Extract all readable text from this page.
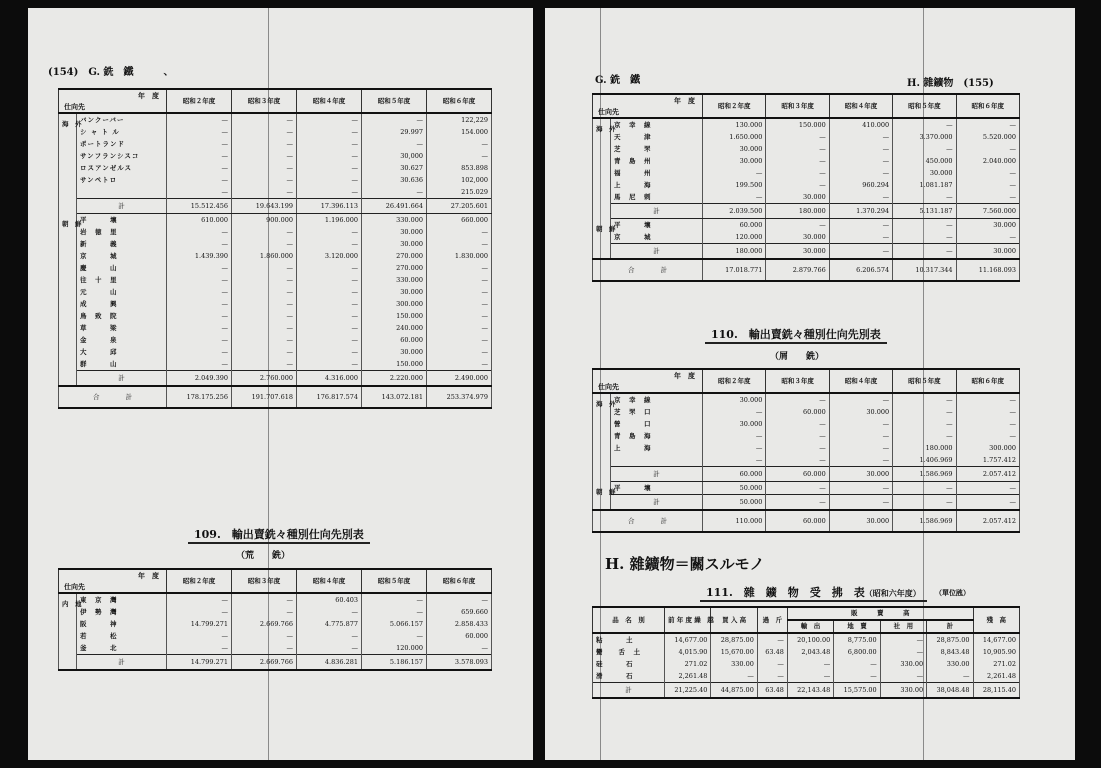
(154)　G. 銑　鐵　　　、
年　度
仕向先		昭和２年度	昭和３年度	昭和４年度	昭和５年度	昭和６年度
海　外	バンクーバー	—	—	—	—	122,229
	シ ャ ト ル	—	—	—	29.997	154.000
	ポートランド	—	—	—	—	—
	サンフランシスコ	—	—	—	30,000	—
	ロスアンゼルス	—	—	—	30.627	853.898
	サンペトロ	—	—	—	30.636	102,000
		—	—	—	—	215.029
	計	15.512.456	19.643.199	17.396.113	26.491.664	27.205.601
朝　鮮	平　　　壤	610.000	900.000	1.196.000	330.000	660.000
	岩　徳　里	—	—	—	30.000	—
	新　　　義	—	—	—	30.000	—
	京　　　城	1.439.390	1.860.000	3.120.000	270.000	1.830.000
	慶　　　山	—	—	—	270.000	—
	往　十　里	—	—	—	330.000	—
	元　　　山	—	—	—	30.000	—
	成　　　興	—	—	—	300.000	—
	鳥　致　院	—	—	—	150.000	—
	草　　　梁	—	—	—	240.000	—
	金　　　泉	—	—	—	60.000	—
	大　　　邱	—	—	—	30.000	—
	群　　　山	—	—	—	150.000	—
	計	2.049.390	2.760.000	4.316.000	2.220.000	2.490.000
合　　　　計		178.175.256	191.707.618	176.817.574	143.072.181	253.374.979
109.　輸出賣銑々種別仕向先別表
（荒　　銑）
年　度
仕向先		昭和２年度	昭和３年度	昭和４年度	昭和５年度	昭和６年度
内　地	東　京　灣	—	—	60.403	—	—
	伊　勢　灣	—	—	—	—	659.660
	阪　　　神	14.799.271	2.669.766	4.775.877	5.066.157	2.858.433
	若　　　松	—	—	—	—	60.000
	釜　　　北	—	—	—	120.000	—
	計	14.799.271	2.669.766	4.836.281	5.186.157	3.578.093
G. 銑　鐵	H. 雜鑛物　(155)
年　度
仕向先		昭和２年度	昭和３年度	昭和４年度	昭和５年度	昭和６年度
海　外	京　幸　線	130.000	150.000	410.000	—	—
	天　　　津	1.650.000	—	—	3.370.000	5.520.000
	芝　　　罘	30.000	—	—	—	—
	青　島　州	30.000	—	—	450.000	2.040.000
	福　　　州	—	—	—	30.000	—
	上　　　海	199.500	—	960.294	1.081.187	—
	馬　尼　剌	—	30.000	—	—	—
	計	2.039.500	180.000	1.370.294	5.131.187	7.560.000
朝　鮮	平　　　壤	60.000	—	—	—	30.000
	京　　　城	120.000	30.000	—	—	—
	計	180.000	30.000	—	—	30.000
合　　　　計		17.018.771	2.879.766	6.206.574	10.317.344	11.168.093
110.　輸出賣銑々種別仕向先別表
（屑　　銑）
年　度
仕向先		昭和２年度	昭和３年度	昭和４年度	昭和５年度	昭和６年度
海　外	京　幸　線	30.000	—	—	—	—
	芝　罘　口	—	60.000	30.000	—	—
	營　　　口	30.000	—	—	—	—
	青　島　海	—	—	—	—	—
	上　　　海	—	—	—	180.000	300.000
		—	—	—	1.406.969	1.757.412
	計	60.000	60.000	30.000	1.586.969	2.057.412
朝　鮮	平　　　壤	50.000	—	—	—	—
	計	50.000	—	—	—	—
合　　　　計		110.000	60.000	30.000	1.586.969	2.057.412
H. 雜鑛物＝關スルモノ
111.　雜　鑛　物　受　拂　表（昭和六年度）	（單位瓲）
品　名　別	前 年 度 繰　越	買 入 高	過　斤	販　　　賣　　　高				殘　高
				輸　出	地　賣	社　用	計	
粘　　　土	14,677.00	28,875.00	—	20,100.00	8,775.00	—	28,875.00	14,677.00
蠻　　舌　土	4,015.90	15,670.00	63.48	2,043.48	6,800.00	—	8,843.48	10,905.90
硅　　　石	271.02	330.00	—	—	—	330.00	330.00	271.02
滑　　　石	2,261.48	—	—	—	—	—	—	2,261.48
計	21,225.40	44,875.00	63.48	22,143.48	15,575.00	330.00	38,048.48	28,115.40
